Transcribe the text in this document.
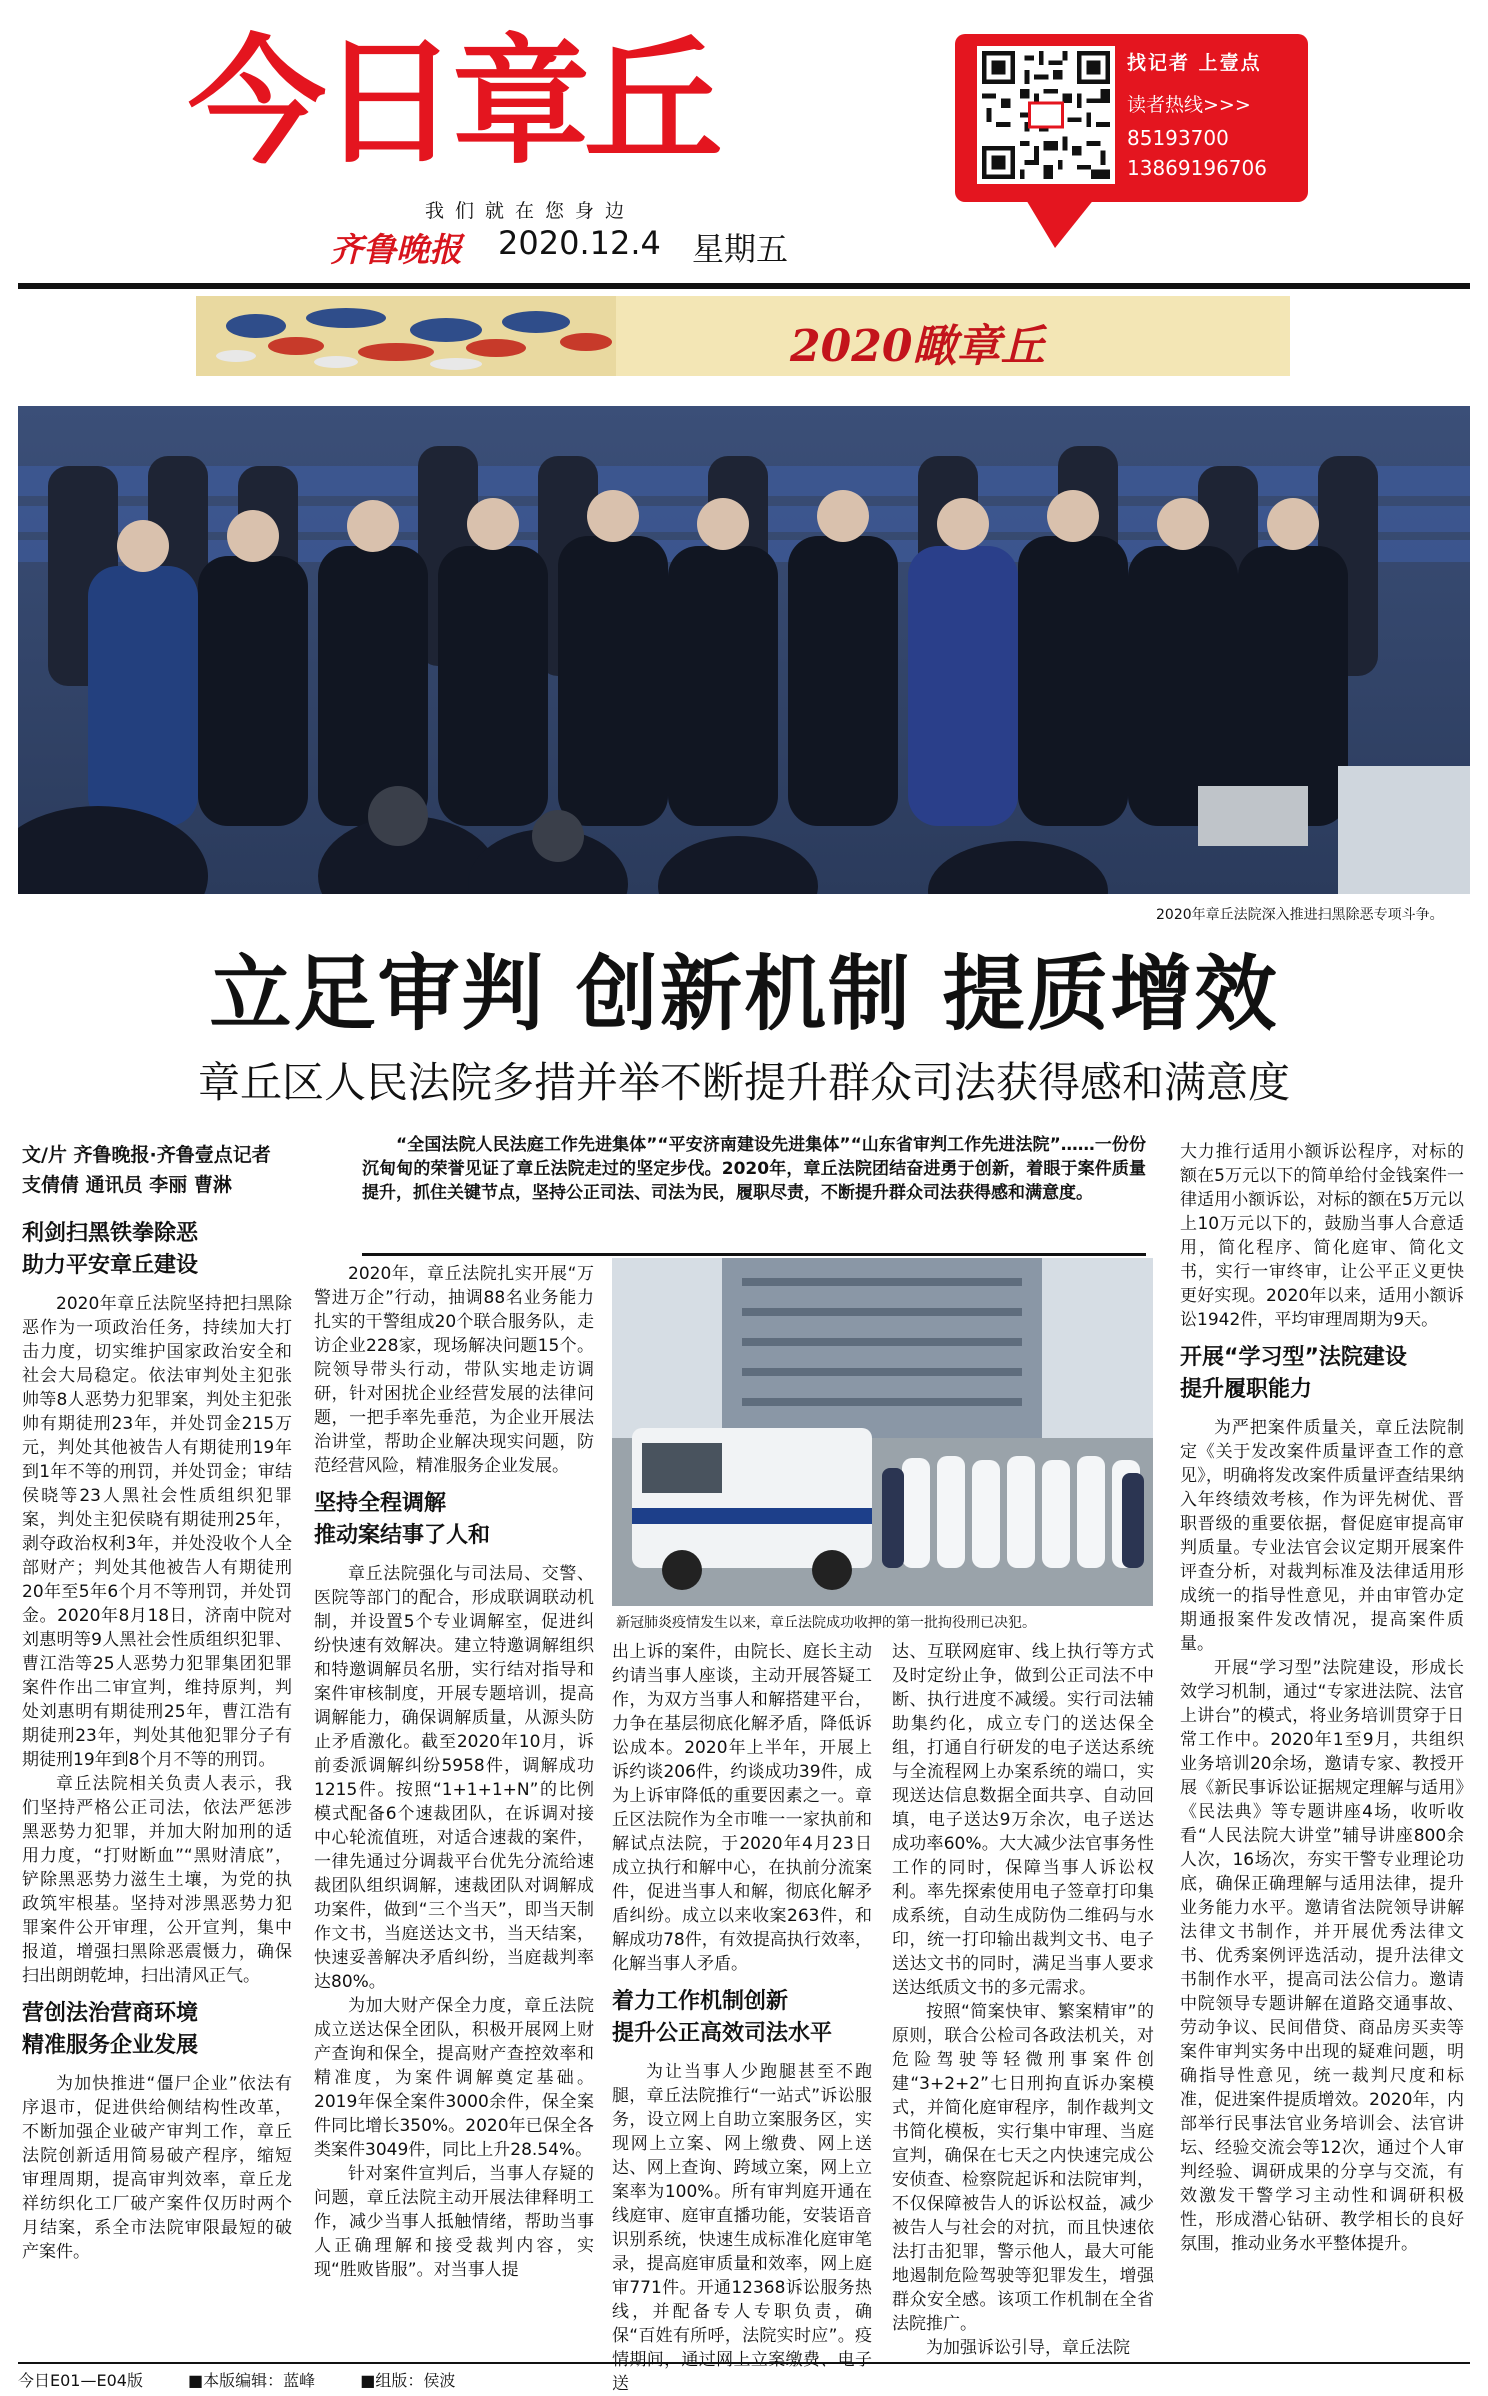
今日章丘
我们就在您身边
齐鲁晚报 2020.12.4 星期五
找记者 上壹点
读者热线>>>
85193700
13869196706
2020瞰章丘
2020年章丘法院深入推进扫黑除恶专项斗争。
立足审判 创新机制 提质增效
章丘区人民法院多措并举不断提升群众司法获得感和满意度
文/片 齐鲁晚报·齐鲁壹点记者
支倩倩 通讯员 李丽 曹淋

“全国法院人民法庭工作先进集体”“平安济南建设先进集体”“山东省审判工作先进法院”……一份份沉甸甸的荣誉见证了章丘法院走过的坚定步伐。2020年，章丘法院团结奋进勇于创新，着眼于案件质量提升，抓住关键节点，坚持公正司法、司法为民，履职尽责，不断提升群众司法获得感和满意度。

利剑扫黑铁拳除恶
助力平安章丘建设

2020年章丘法院坚持把扫黑除恶作为一项政治任务，持续加大打击力度，切实维护国家政治安全和社会大局稳定。依法审判处主犯张帅等8人恶势力犯罪案，判处主犯张帅有期徒刑23年，并处罚金215万元，判处其他被告人有期徒刑19年到1年不等的刑罚，并处罚金；审结侯晓等23人黑社会性质组织犯罪案，判处主犯侯晓有期徒刑25年，剥夺政治权利3年，并处没收个人全部财产；判处其他被告人有期徒刑20年至5年6个月不等刑罚，并处罚金。2020年8月18日，济南中院对刘惠明等9人黑社会性质组织犯罪、曹江浩等25人恶势力犯罪集团犯罪案件作出二审宣判，维持原判，判处刘惠明有期徒刑25年，曹江浩有期徒刑23年，判处其他犯罪分子有期徒刑19年到8个月不等的刑罚。

章丘法院相关负责人表示，我们坚持严格公正司法，依法严惩涉黑恶势力犯罪，并加大附加刑的适用力度，“打财断血”“黑财清底”，铲除黑恶势力滋生土壤，为党的执政筑牢根基。坚持对涉黑恶势力犯罪案件公开审理，公开宣判，集中报道，增强扫黑除恶震慑力，确保扫出朗朗乾坤，扫出清风正气。

营创法治营商环境
精准服务企业发展

为加快推进“僵尸企业”依法有序退市，促进供给侧结构性改革，不断加强企业破产审判工作，章丘法院创新适用简易破产程序，缩短审理周期，提高审判效率，章丘龙祥纺织化工厂破产案件仅历时两个月结案，系全市法院审限最短的破产案件。

2020年，章丘法院扎实开展“万警进万企”行动，抽调88名业务能力扎实的干警组成20个联合服务队，走访企业228家，现场解决问题15个。院领导带头行动，带队实地走访调研，针对困扰企业经营发展的法律问题，一把手率先垂范，为企业开展法治讲堂，帮助企业解决现实问题，防范经营风险，精准服务企业发展。

坚持全程调解
推动案结事了人和

章丘法院强化与司法局、交警、医院等部门的配合，形成联调联动机制，并设置5个专业调解室，促进纠纷快速有效解决。建立特邀调解组织和特邀调解员名册，实行结对指导和案件审核制度，开展专题培训，提高调解能力，确保调解质量，从源头防止矛盾激化。截至2020年10月，诉前委派调解纠纷5958件，调解成功1215件。按照“1+1+1+N”的比例模式配备6个速裁团队，在诉调对接中心轮流值班，对适合速裁的案件，一律先通过分调裁平台优先分流给速裁团队组织调解，速裁团队对调解成功案件，做到“三个当天”，即当天制作文书，当庭送达文书，当天结案，快速妥善解决矛盾纠纷，当庭裁判率达80%。

为加大财产保全力度，章丘法院成立送达保全团队，积极开展网上财产查询和保全，提高财产查控效率和精准度，为案件调解奠定基础。2019年保全案件3000余件，保全案件同比增长350%。2020年已保全各类案件3049件，同比上升28.54%。

针对案件宣判后，当事人存疑的问题，章丘法院主动开展法律释明工作，减少当事人抵触情绪，帮助当事人正确理解和接受裁判内容，实现“胜败皆服”。对当事人提

新冠肺炎疫情发生以来，章丘法院成功收押的第一批拘役刑已决犯。

出上诉的案件，由院长、庭长主动约请当事人座谈，主动开展答疑工作，为双方当事人和解搭建平台，力争在基层彻底化解矛盾，降低诉讼成本。2020年上半年，开展上诉约谈206件，约谈成功39件，成为上诉审降低的重要因素之一。章丘区法院作为全市唯一一家执前和解试点法院，于2020年4月23日成立执行和解中心，在执前分流案件，促进当事人和解，彻底化解矛盾纠纷。成立以来收案263件，和解成功78件，有效提高执行效率，化解当事人矛盾。

着力工作机制创新
提升公正高效司法水平

为让当事人少跑腿甚至不跑腿，章丘法院推行“一站式”诉讼服务，设立网上自助立案服务区，实现网上立案、网上缴费、网上送达、网上查询、跨域立案，网上立案率为100%。所有审判庭开通在线庭审、庭审直播功能，安装语音识别系统，快速生成标准化庭审笔录，提高庭审质量和效率，网上庭审771件。开通12368诉讼服务热线，并配备专人专职负责，确保“百姓有所呼，法院实时应”。疫情期间，通过网上立案缴费、电子送

达、互联网庭审、线上执行等方式及时定纷止争，做到公正司法不中断、执行进度不减缓。实行司法辅助集约化，成立专门的送达保全组，打通自行研发的电子送达系统与全流程网上办案系统的端口，实现送达信息数据全面共享、自动回填，电子送达9万余次，电子送达成功率60%。大大减少法官事务性工作的同时，保障当事人诉讼权利。率先探索使用电子签章打印集成系统，自动生成防伪二维码与水印，统一打印输出裁判文书、电子送达文书的同时，满足当事人要求送达纸质文书的多元需求。

按照“简案快审、繁案精审”的原则，联合公检司各政法机关，对危险驾驶等轻微刑事案件创建“3+2+2”七日刑拘直诉办案模式，并简化庭审程序，制作裁判文书简化模板，实行集中审理、当庭宣判，确保在七天之内快速完成公安侦查、检察院起诉和法院审判，不仅保障被告人的诉讼权益，减少被告人与社会的对抗，而且快速依法打击犯罪，警示他人，最大可能地遏制危险驾驶等犯罪发生，增强群众安全感。该项工作机制在全省法院推广。

为加强诉讼引导，章丘法院

大力推行适用小额诉讼程序，对标的额在5万元以下的简单给付金钱案件一律适用小额诉讼，对标的额在5万元以上10万元以下的，鼓励当事人合意适用，简化程序、简化庭审、简化文书，实行一审终审，让公平正义更快更好实现。2020年以来，适用小额诉讼1942件，平均审理周期为9天。

开展“学习型”法院建设
提升履职能力

为严把案件质量关，章丘法院制定《关于发改案件质量评查工作的意见》，明确将发改案件质量评查结果纳入年终绩效考核，作为评先树优、晋职晋级的重要依据，督促庭审提高审判质量。专业法官会议定期开展案件评查分析，对裁判标准及法律适用形成统一的指导性意见，并由审管办定期通报案件发改情况，提高案件质量。

开展“学习型”法院建设，形成长效学习机制，通过“专家进法院、法官上讲台”的模式，将业务培训贯穿于日常工作中。2020年1至9月，共组织业务培训20余场，邀请专家、教授开展《新民事诉讼证据规定理解与适用》《民法典》等专题讲座4场，收听收看“人民法院大讲堂”辅导讲座800余人次，16场次，夯实干警专业理论功底，确保正确理解与适用法律，提升业务能力水平。邀请省法院领导讲解法律文书制作，并开展优秀法律文书、优秀案例评选活动，提升法律文书制作水平，提高司法公信力。邀请中院领导专题讲解在道路交通事故、劳动争议、民间借贷、商品房买卖等案件审判实务中出现的疑难问题，明确指导性意见，统一裁判尺度和标准，促进案件提质增效。2020年，内部举行民事法官业务培训会、法官讲坛、经验交流会等12次，通过个人审判经验、调研成果的分享与交流，有效激发干警学习主动性和调研积极性，形成潜心钻研、教学相长的良好氛围，推动业务水平整体提升。

今日E01—E04版	■本版编辑：蓝峰	■组版：侯波
